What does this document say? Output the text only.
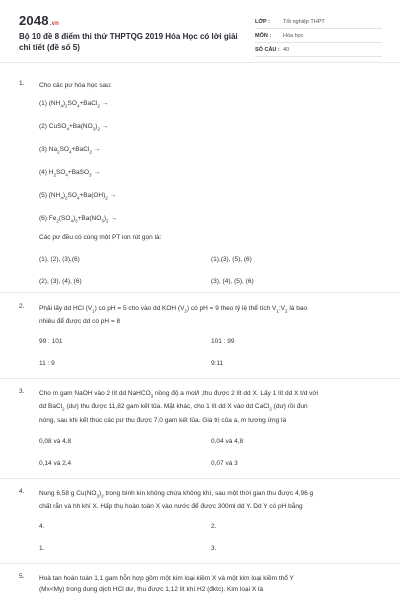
2048.vn
Bộ 10 đề 8 điểm thi thử THPTQG 2019 Hóa Học có lời giải chi tiết (đề số 5)
LỚP :	Tốt nghiệp THPT
MÔN :	Hóa học
SỐ CÂU : 40
1.	Cho các pư hóa học sau:
(1) $(NH_4)_2SO_4+BaCl_2$ →
(2) $CuSO_4+Ba(NO_3)_2$ →
(3) $Na_2SO_4+BaCl_2$ →
(4) $H_2SO_4+BaSO_3$ →
(5) $(NH_4)_2SO_4+Ba(OH)_2$ →
(6) $Fe_2(SO_4)_3+Ba(NO_3)_2$ →
Các pư đều có cùng một PT ion rút gọn là:
(1), (2), (3),(6)	(1),(3), (5), (6)
(2), (3), (4), (6)	(3), (4), (5), (6)
2.	Phải lấy dd HCl $(V_1)$ có pH = 5 cho vào dd KOH $(V_2)$ có pH = 9 theo tỷ lệ thể tích $V_1:V_2$ là bao
nhiêu để được dd có pH = 8
99 : 101	101 : 99
11 : 9	9:11
3.	Cho m gam NaOH vào 2 lít dd NaHCO$_3$ nồng độ a mol/l ,thu được 2 lít dd X. Lấy 1 lít dd X t/d với
dd BaCl$_2$ (dư) thu được 11,82 gam kết tủa. Mặt khác, cho 1 lít dd X vào dd CaCl$_2$ (dư) rồi đun
nóng, sau khi kết thúc các pư thu được 7,0 gam kết tủa. Giá trị của a, m tương ứng là
0,08 và 4,8	0,04 và 4,8
0,14 và 2,4	0,07 và 3
4.	Nung 6,58 g $Cu(NO_3)_2$ trong bình kín không chứa không khí, sau một thời gian thu được 4,96 g
chất rắn và hh khí X. Hấp thụ hoàn toàn X vào nước để được 300ml dd Y. Dd Y có pH bằng
4.	2.
1.	3.
5.	Hoà tan hoàn toàn 1,1 gam hỗn hợp gồm một kim loại kiềm X và một kim loại kiềm thổ Y
(Mx<My) trong dung dịch HCl dư, thu được 1,12 lít khí H2 (đktc). Kim loại X là
